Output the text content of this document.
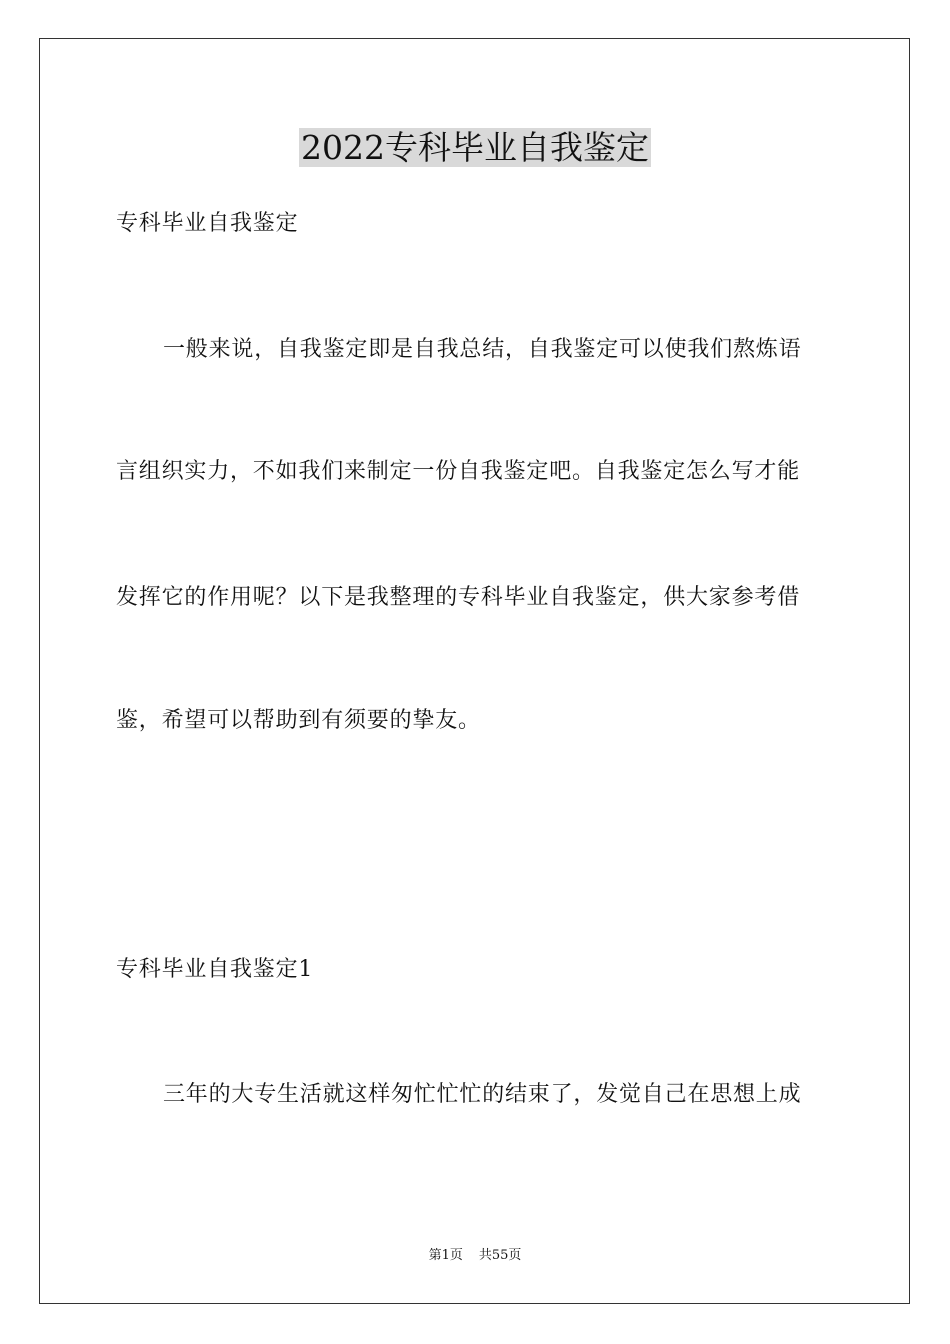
2022专科毕业自我鉴定
专科毕业自我鉴定
一般来说，自我鉴定即是自我总结，自我鉴定可以使我们熬炼语
言组织实力，不如我们来制定一份自我鉴定吧。自我鉴定怎么写才能
发挥它的作用呢？以下是我整理的专科毕业自我鉴定，供大家参考借
鉴，希望可以帮助到有须要的挚友。
专科毕业自我鉴定1
三年的大专生活就这样匆忙忙忙的结束了，发觉自己在思想上成
第1页 共55页
